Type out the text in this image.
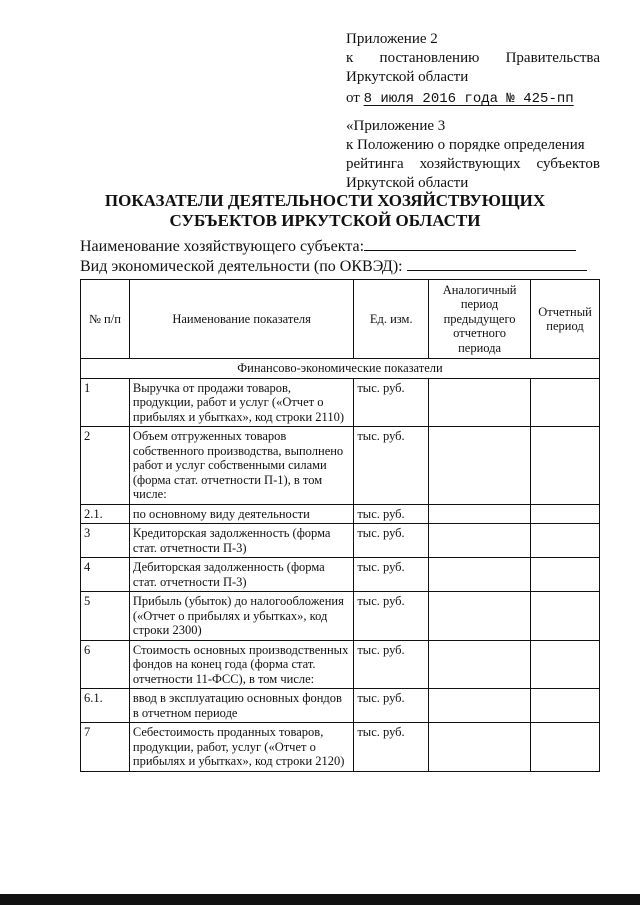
Приложение 2
к постановлению Правительства
Иркутской области
от 8 июля 2016 года № 425-пп
«Приложение 3
к Положению о порядке определения
рейтинга хозяйствующих субъектов
Иркутской области
ПОКАЗАТЕЛИ ДЕЯТЕЛЬНОСТИ ХОЗЯЙСТВУЮЩИХ
СУБЪЕКТОВ ИРКУТСКОЙ ОБЛАСТИ
Наименование хозяйствующего субъекта:
Вид экономической деятельности (по ОКВЭД):
№ п/п	Наименование показателя	Ед. изм.	Аналогичный период предыдущего отчетного периода	Отчетный период
Финансово-экономические показатели				
1	Выручка от продажи товаров, продукции, работ и услуг («Отчет о прибылях и убытках», код строки 2110)	тыс. руб.		
2	Объем отгруженных товаров собственного производства, выполнено работ и услуг собственными силами (форма стат. отчетности П-1), в том числе:	тыс. руб.		
2.1.	по основному виду деятельности	тыс. руб.		
3	Кредиторская задолженность (форма стат. отчетности П-3)	тыс. руб.		
4	Дебиторская задолженность (форма стат. отчетности П-3)	тыс. руб.		
5	Прибыль (убыток) до налогообложения («Отчет о прибылях и убытках», код строки 2300)	тыс. руб.		
6	Стоимость основных производственных фондов на конец года (форма стат. отчетности 11-ФСС), в том числе:	тыс. руб.		
6.1.	ввод в эксплуатацию основных фондов в отчетном периоде	тыс. руб.		
7	Себестоимость проданных товаров, продукции, работ, услуг («Отчет о прибылях и убытках», код строки 2120)	тыс. руб.		
